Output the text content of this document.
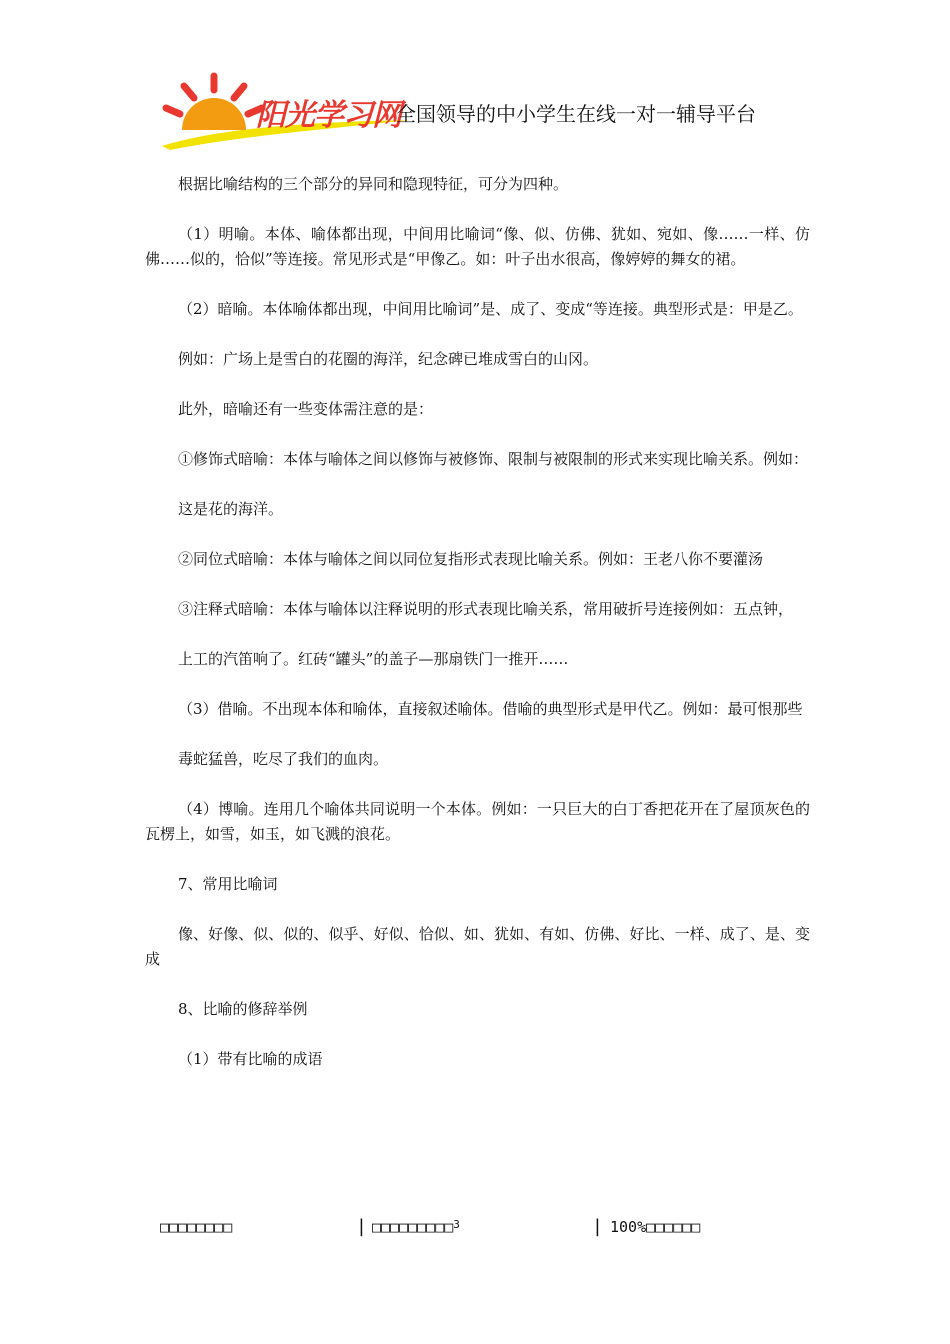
阳光学习网
全国领导的中小学生在线一对一辅导平台

根据比喻结构的三个部分的异同和隐现特征，可分为四种。

（1）明喻。本体、喻体都出现，中间用比喻词“像、似、仿佛、犹如、宛如、像……一样、仿佛……似的，恰似”等连接。常见形式是“甲像乙。如：叶子出水很高，像婷婷的舞女的裙。

（2）暗喻。本体喻体都出现，中间用比喻词”是、成了、变成“等连接。典型形式是：甲是乙。

例如：广场上是雪白的花圈的海洋，纪念碑已堆成雪白的山冈。

此外，暗喻还有一些变体需注意的是：

①修饰式暗喻：本体与喻体之间以修饰与被修饰、限制与被限制的形式来实现比喻关系。例如：

这是花的海洋。

②同位式暗喻：本体与喻体之间以同位复指形式表现比喻关系。例如：王老八你不要灌汤

③注释式暗喻：本体与喻体以注释说明的形式表现比喻关系，常用破折号连接例如：五点钟，

上工的汽笛响了。红砖“罐头”的盖子—那扇铁门一推开……

（3）借喻。不出现本体和喻体，直接叙述喻体。借喻的典型形式是甲代乙。例如：最可恨那些

毒蛇猛兽，吃尽了我们的血肉。

（4）博喻。连用几个喻体共同说明一个本体。例如：一只巨大的白丁香把花开在了屋顶灰色的瓦楞上，如雪，如玉，如飞溅的浪花。

7、常用比喻词

像、好像、似、似的、似乎、好似、恰似、如、犹如、有如、仿佛、好比、一样、成了、是、变成

8、比喻的修辞举例

（1）带有比喻的成语

□□□□□□□□	| □□□□□□□□□$^3$	| 100%□□□□□□
